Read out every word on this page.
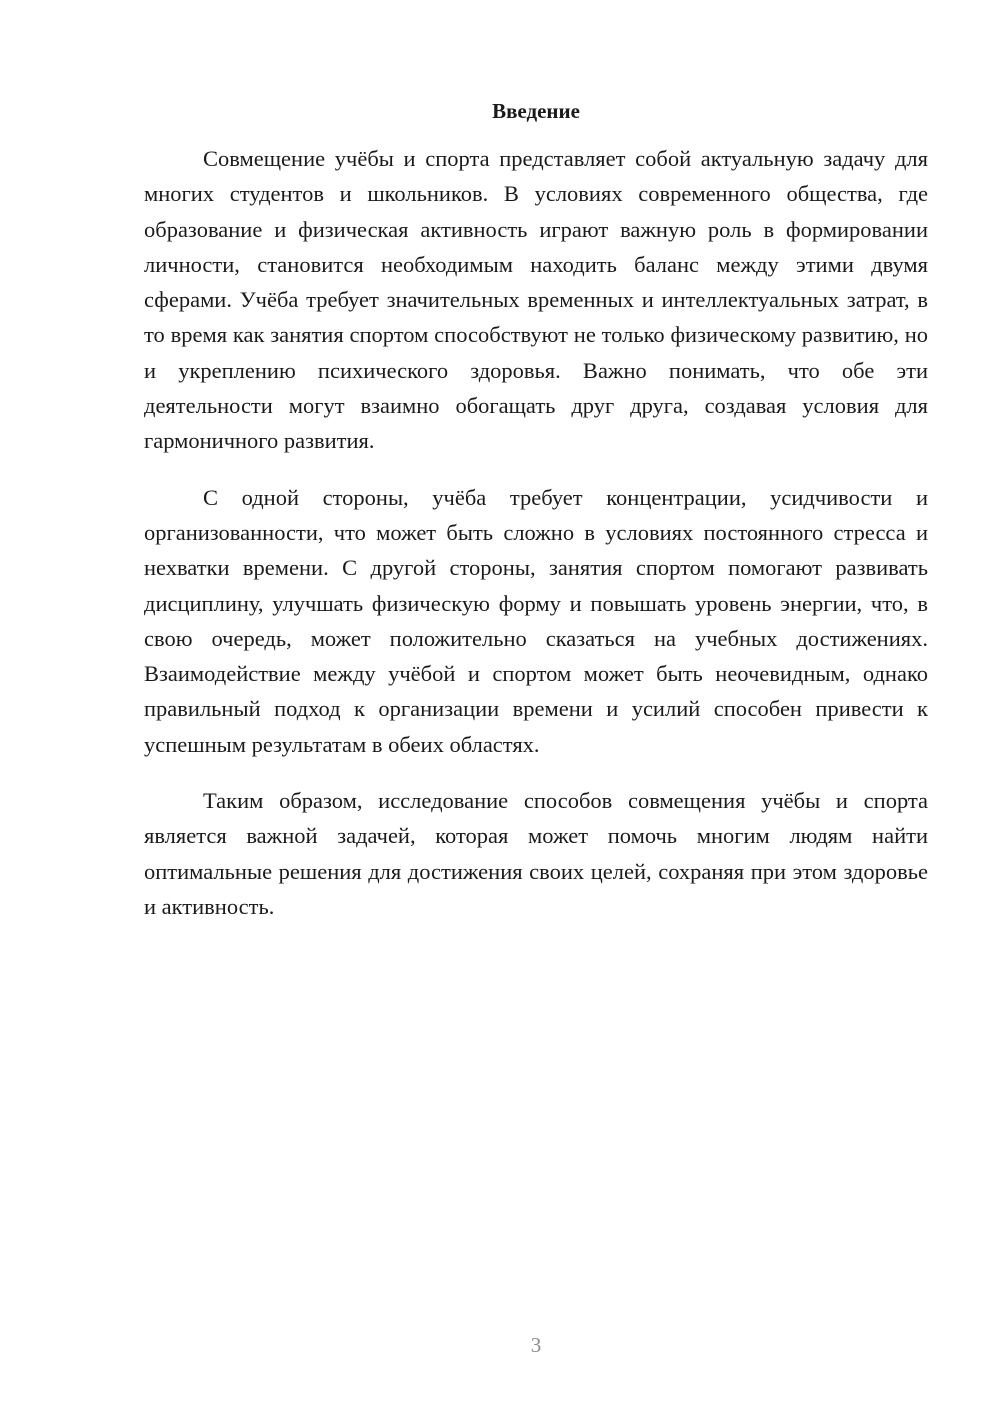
Введение

Совмещение учёбы и спорта представляет собой актуальную задачу для многих студентов и школьников. В условиях современного общества, где образование и физическая активность играют важную роль в формировании личности, становится необходимым находить баланс между этими двумя сферами. Учёба требует значительных временных и интеллектуальных затрат, в то время как занятия спортом способствуют не только физическому развитию, но и укреплению психического здоровья. Важно понимать, что обе эти деятельности могут взаимно обогащать друг друга, создавая условия для гармоничного развития.

С одной стороны, учёба требует концентрации, усидчивости и организованности, что может быть сложно в условиях постоянного стресса и нехватки времени. С другой стороны, занятия спортом помогают развивать дисциплину, улучшать физическую форму и повышать уровень энергии, что, в свою очередь, может положительно сказаться на учебных достижениях. Взаимодействие между учёбой и спортом может быть неочевидным, однако правильный подход к организации времени и усилий способен привести к успешным результатам в обеих областях.

Таким образом, исследование способов совмещения учёбы и спорта является важной задачей, которая может помочь многим людям найти оптимальные решения для достижения своих целей, сохраняя при этом здоровье и активность.

3
